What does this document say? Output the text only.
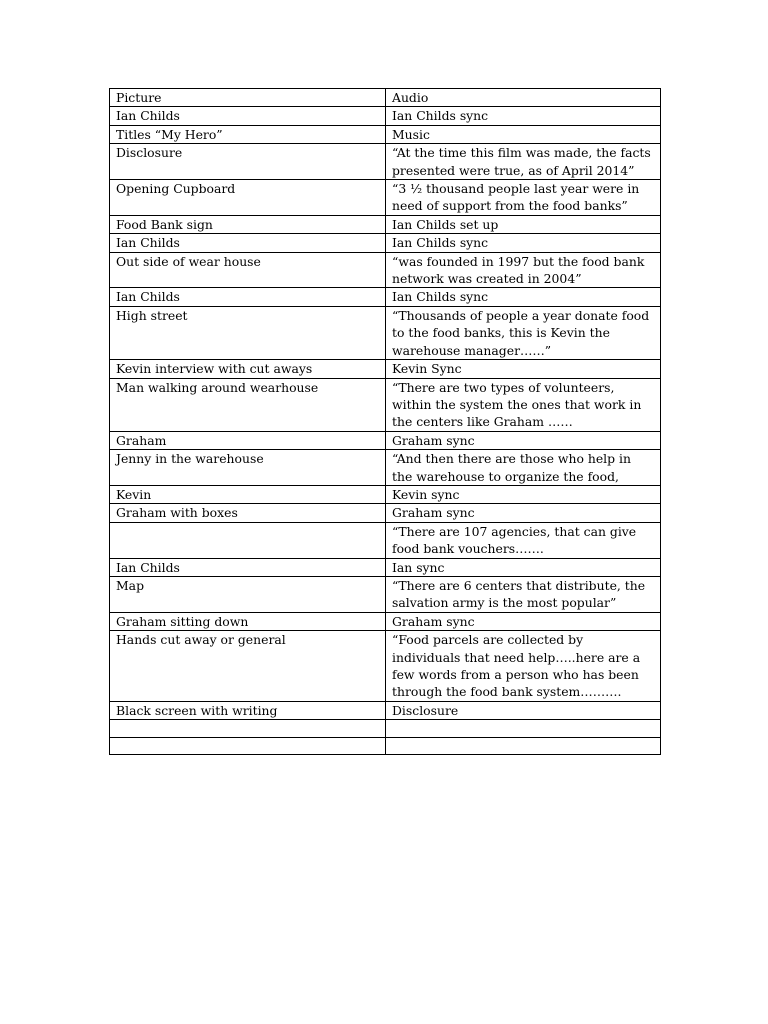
Picture	Audio
Ian Childs	Ian Childs sync
Titles “My Hero”	Music
Disclosure	“At the time this film was made, the facts presented were true, as of April 2014”
Opening Cupboard	“3 ½ thousand people last year were in need of support from the food banks”
Food Bank sign	Ian Childs set up
Ian Childs	Ian Childs sync
Out side of wear house	“was founded in 1997 but the food bank network was created in 2004”
Ian Childs	Ian Childs sync
High street	“Thousands of people a year donate food to the food banks, this is Kevin the warehouse manager……”
Kevin interview with cut aways	Kevin Sync
Man walking around wearhouse	“There are two types of volunteers, within the system the ones that work in the centers like Graham ……
Graham	Graham sync
Jenny in the warehouse	“And then there are those who help in the warehouse to organize the food,
Kevin	Kevin sync
Graham with boxes	Graham sync
	“There are 107 agencies, that can give food bank vouchers…….
Ian Childs	Ian sync
Map	“There are 6 centers that distribute, the salvation army is the most popular”
Graham sitting down	Graham sync
Hands cut away or general	“Food parcels are collected by individuals that need help…..here are a few words from a person who has been through the food bank system……….
Black screen with writing	Disclosure
